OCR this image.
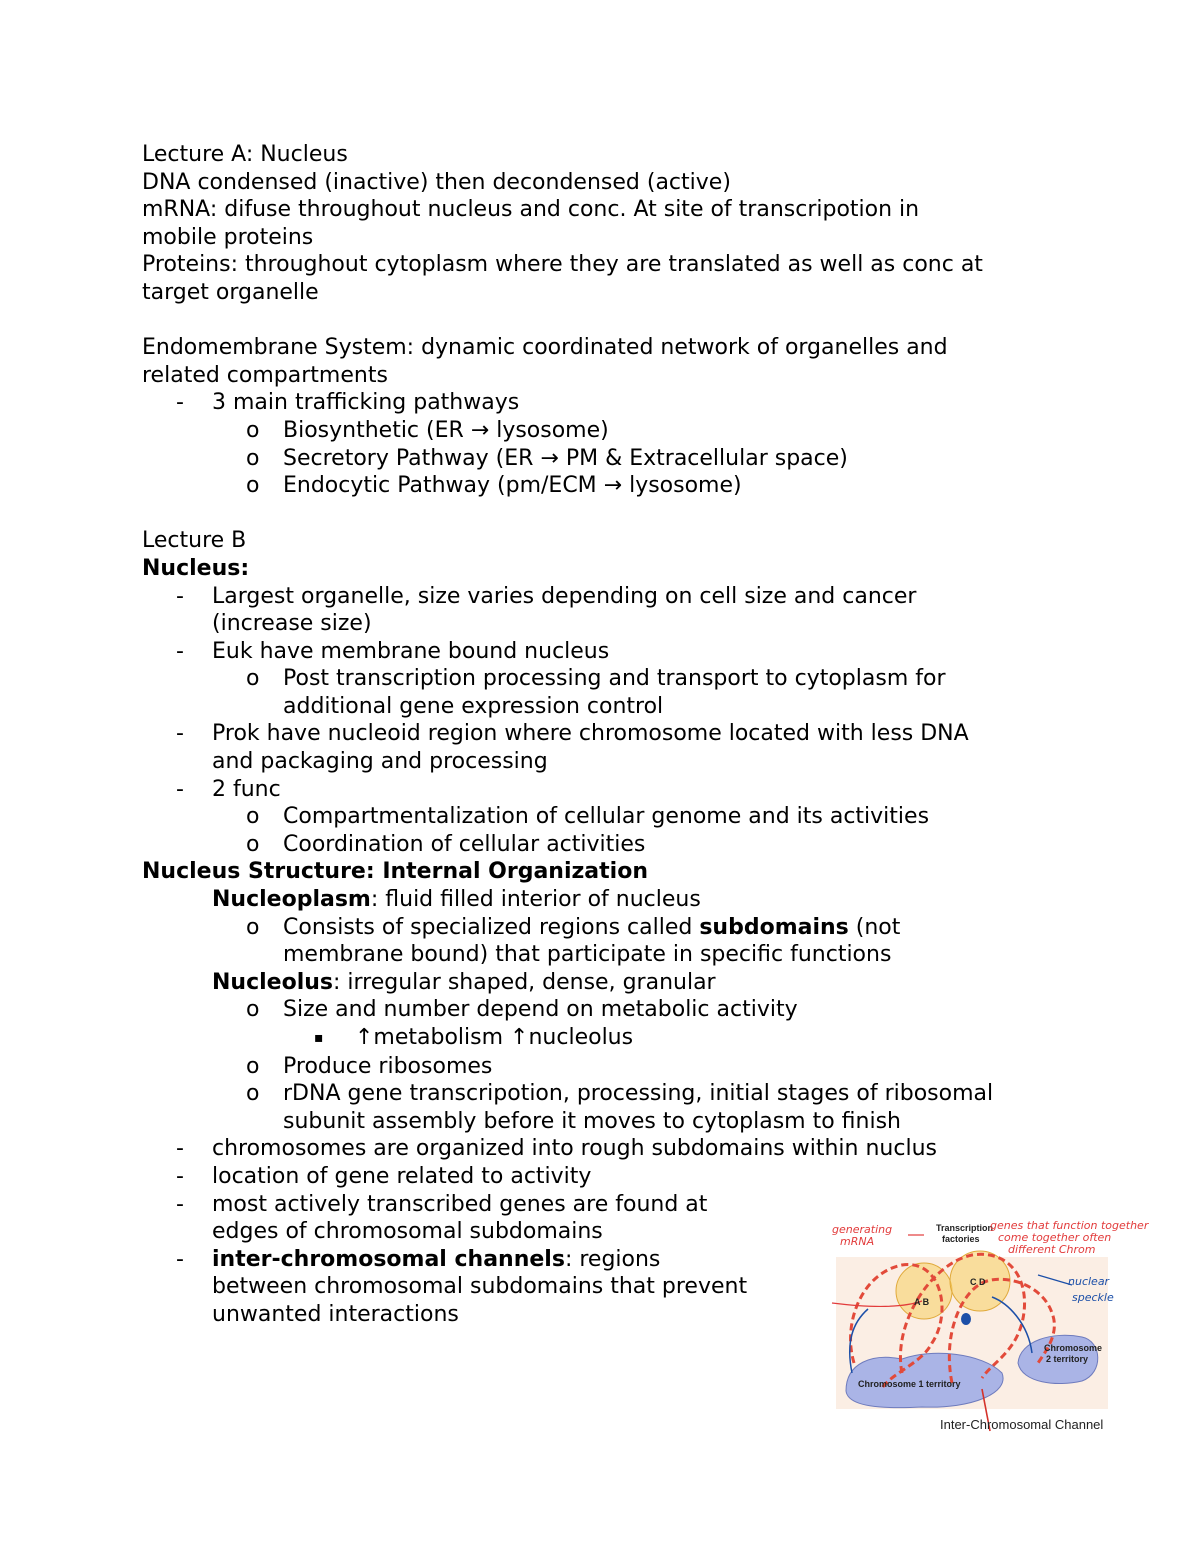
Lecture A: Nucleus
DNA condensed (inactive) then decondensed (active)
mRNA: difuse throughout nucleus and conc. At site of transcripotion in
mobile proteins
Proteins: throughout cytoplasm where they are translated as well as conc at
target organelle
Endomembrane System: dynamic coordinated network of organelles and
related compartments
- 3 main trafficking pathways
o Biosynthetic (ER → lysosome)
o Secretory Pathway (ER → PM & Extracellular space)
o Endocytic Pathway (pm/ECM → lysosome)
Lecture B
Nucleus:
- Largest organelle, size varies depending on cell size and cancer
(increase size)
- Euk have membrane bound nucleus
o Post transcription processing and transport to cytoplasm for
additional gene expression control
- Prok have nucleoid region where chromosome located with less DNA
and packaging and processing
- 2 func
o Compartmentalization of cellular genome and its activities
o Coordination of cellular activities
Nucleus Structure: Internal Organization
Nucleoplasm: fluid filled interior of nucleus
o Consists of specialized regions called subdomains (not
membrane bound) that participate in specific functions
Nucleolus: irregular shaped, dense, granular
o Size and number depend on metabolic activity
▪ ↑metabolism ↑nucleolus
o Produce ribosomes
o rDNA gene transcripotion, processing, initial stages of ribosomal
subunit assembly before it moves to cytoplasm to finish
- chromosomes are organized into rough subdomains within nuclus
- location of gene related to activity
- most actively transcribed genes are found at
edges of chromosomal subdomains
- inter-chromosomal channels: regions
between chromosomal subdomains that prevent
unwanted interactions
Transcription
factories
A B
C D
Chromosome 1 territory
Chromosome
2 territory
generating
mRNA
genes that function together
come together often
different Chrom
nuclear
speckle
Inter-Chromosomal Channel
